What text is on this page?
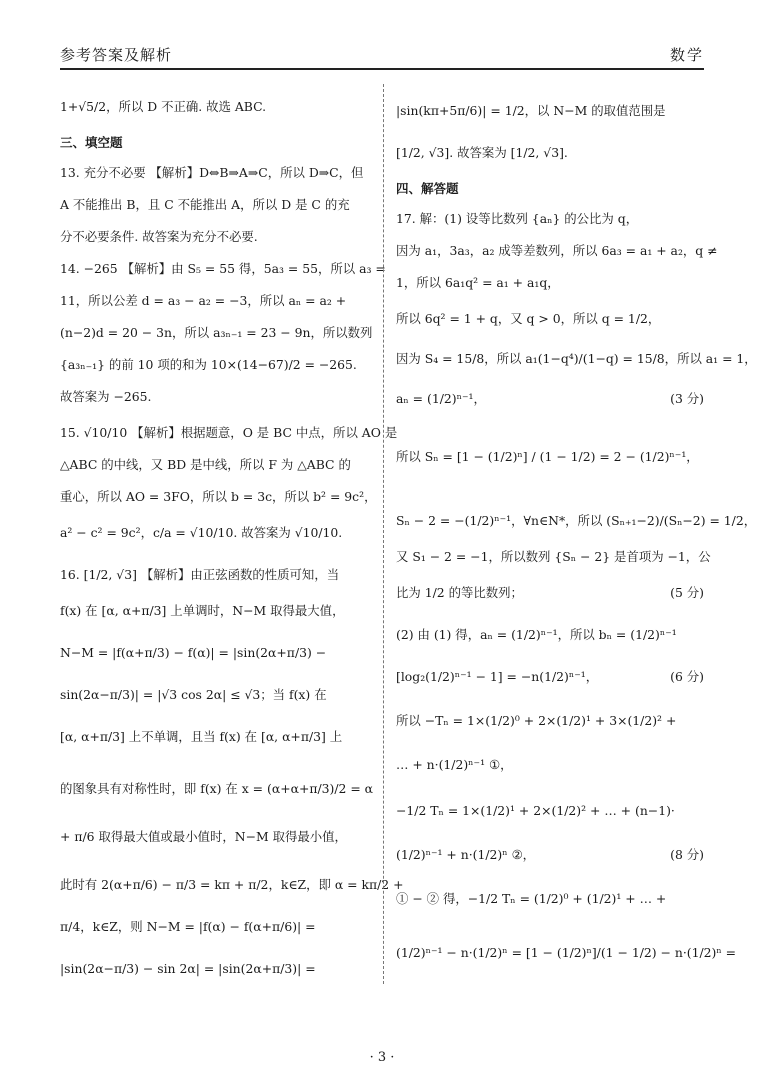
参考答案及解析	数学
1+√5/2，所以 D 不正确. 故选 ABC.
三、填空题
13. 充分不必要 【解析】D⇔B⇒A⇒C，所以 D⇒C，但
A 不能推出 B，且 C 不能推出 A，所以 D 是 C 的充
分不必要条件. 故答案为充分不必要.
14. −265 【解析】由 S₅ = 55 得，5a₃ = 55，所以 a₃ =
11，所以公差 d = a₃ − a₂ = −3，所以 aₙ = a₂ +
(n−2)d = 20 − 3n，所以 a₃ₙ₋₁ = 23 − 9n，所以数列
{a₃ₙ₋₁} 的前 10 项的和为 10×(14−67)/2 = −265.
故答案为 −265.
15. √10/10 【解析】根据题意，O 是 BC 中点，所以 AO 是
△ABC 的中线，又 BD 是中线，所以 F 为 △ABC 的
重心，所以 AO = 3FO，所以 b = 3c，所以 b² = 9c²，
a² − c² = 9c²，c/a = √10/10. 故答案为 √10/10.
16. [1/2, √3] 【解析】由正弦函数的性质可知，当
f(x) 在 [α, α+π/3] 上单调时，N−M 取得最大值，
N−M = |f(α+π/3) − f(α)| = |sin(2α+π/3) −
sin(2α−π/3)| = |√3 cos 2α| ≤ √3；当 f(x) 在
[α, α+π/3] 上不单调，且当 f(x) 在 [α, α+π/3] 上
的图象具有对称性时，即 f(x) 在 x = (α+α+π/3)/2 = α
+ π/6 取得最大值或最小值时，N−M 取得最小值，
此时有 2(α+π/6) − π/3 = kπ + π/2，k∈Z，即 α = kπ/2 +
π/4，k∈Z，则 N−M = |f(α) − f(α+π/6)| =
|sin(2α−π/3) − sin 2α| = |sin(2α+π/3)| =
|sin(kπ+5π/6)| = 1/2，以 N−M 的取值范围是
[1/2, √3]. 故答案为 [1/2, √3].
四、解答题
17. 解：(1) 设等比数列 {aₙ} 的公比为 q，
因为 a₁，3a₃，a₂ 成等差数列，所以 6a₃ = a₁ + a₂，q ≠
1，所以 6a₁q² = a₁ + a₁q，
所以 6q² = 1 + q，又 q > 0，所以 q = 1/2，
因为 S₄ = 15/8，所以 a₁(1−q⁴)/(1−q) = 15/8，所以 a₁ = 1，
aₙ = (1/2)ⁿ⁻¹，	(3 分)
所以 Sₙ = [1 − (1/2)ⁿ] / (1 − 1/2) = 2 − (1/2)ⁿ⁻¹，
Sₙ − 2 = −(1/2)ⁿ⁻¹，∀n∈N*，所以 (Sₙ₊₁−2)/(Sₙ−2) = 1/2，
又 S₁ − 2 = −1，所以数列 {Sₙ − 2} 是首项为 −1，公
比为 1/2 的等比数列；	(5 分)
(2) 由 (1) 得，aₙ = (1/2)ⁿ⁻¹，所以 bₙ = (1/2)ⁿ⁻¹
[log₂(1/2)ⁿ⁻¹ − 1] = −n(1/2)ⁿ⁻¹，	(6 分)
所以 −Tₙ = 1×(1/2)⁰ + 2×(1/2)¹ + 3×(1/2)² +
… + n·(1/2)ⁿ⁻¹ ①，
−1/2 Tₙ = 1×(1/2)¹ + 2×(1/2)² + … + (n−1)·
(1/2)ⁿ⁻¹ + n·(1/2)ⁿ ②，	(8 分)
① − ② 得，−1/2 Tₙ = (1/2)⁰ + (1/2)¹ + … +
(1/2)ⁿ⁻¹ − n·(1/2)ⁿ = [1 − (1/2)ⁿ]/(1 − 1/2) − n·(1/2)ⁿ =
· 3 ·
